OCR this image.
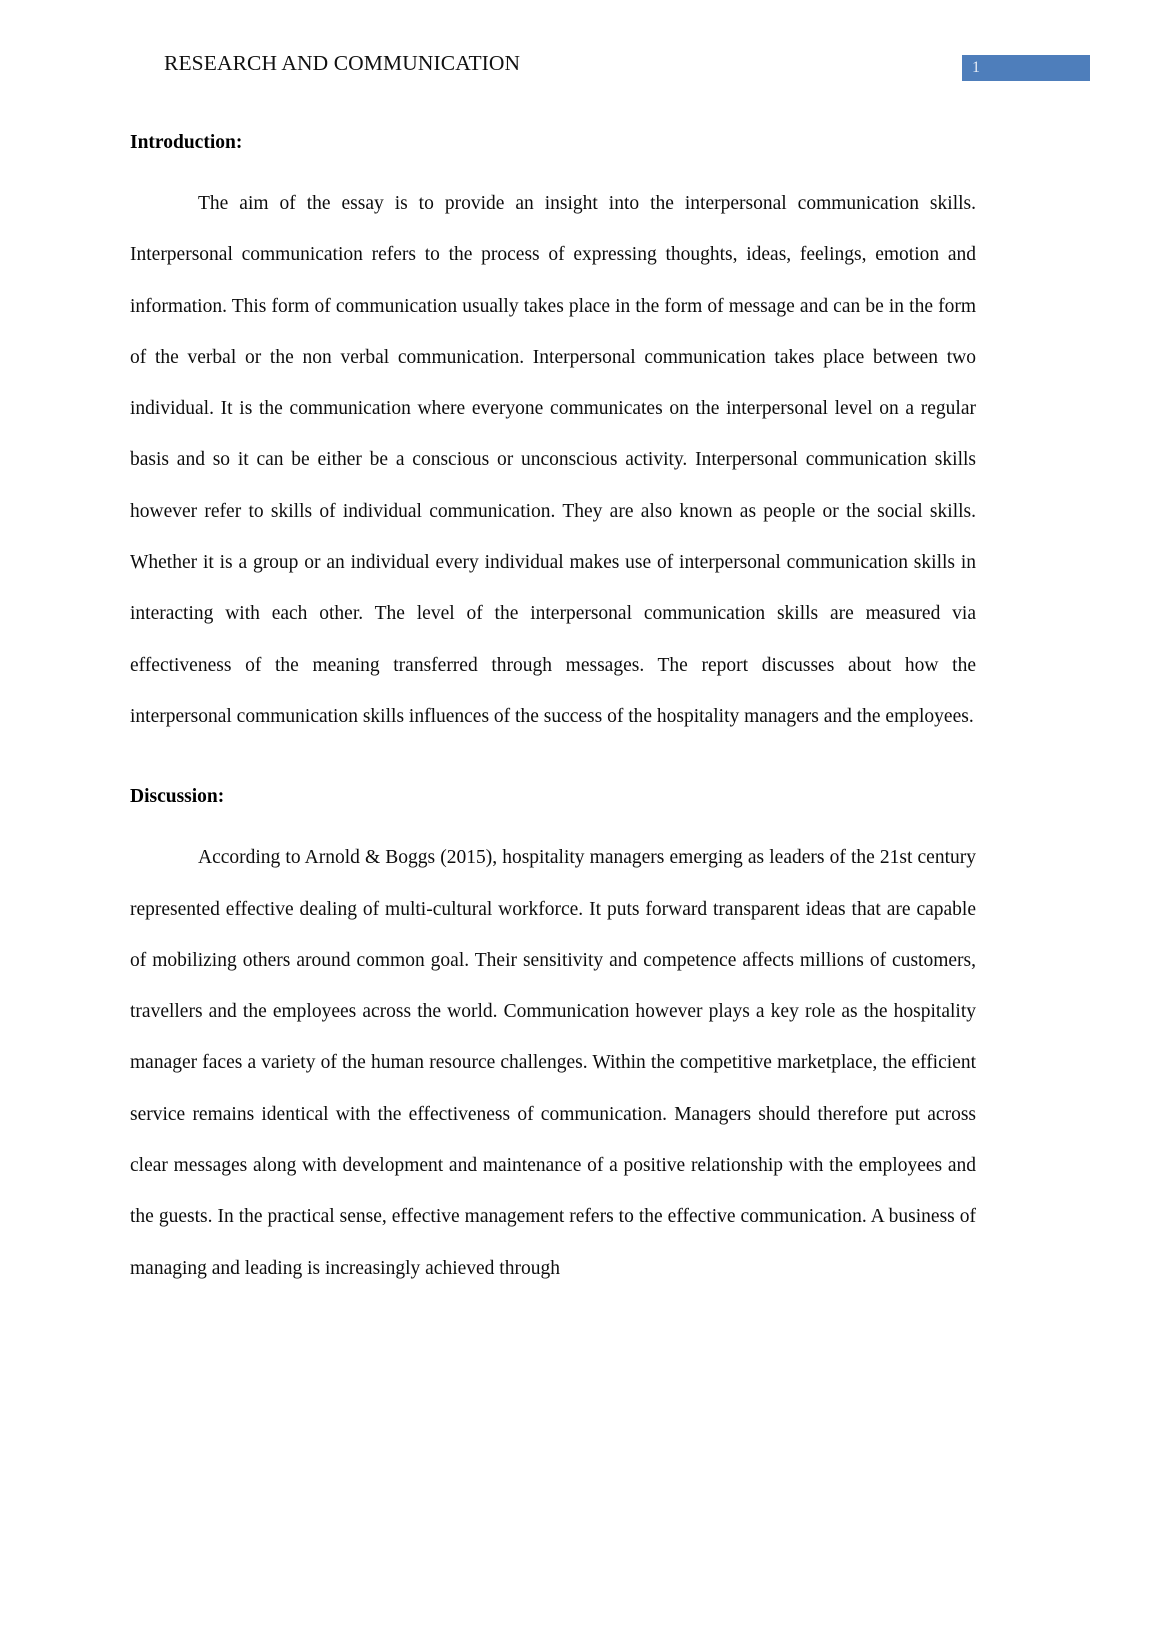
RESEARCH AND COMMUNICATION	1
Introduction:

The aim of the essay is to provide an insight into the interpersonal communication skills. Interpersonal communication refers to the process of expressing thoughts, ideas, feelings, emotion and information. This form of communication usually takes place in the form of message and can be in the form of the verbal or the non verbal communication. Interpersonal communication takes place between two individual. It is the communication where everyone communicates on the interpersonal level on a regular basis and so it can be either be a conscious or unconscious activity. Interpersonal communication skills however refer to skills of individual communication. They are also known as people or the social skills. Whether it is a group or an individual every individual makes use of interpersonal communication skills in interacting with each other. The level of the interpersonal communication skills are measured via effectiveness of the meaning transferred through messages. The report discusses about how the interpersonal communication skills influences of the success of the hospitality managers and the employees.

Discussion:

According to Arnold & Boggs (2015), hospitality managers emerging as leaders of the 21st century represented effective dealing of multi-cultural workforce. It puts forward transparent ideas that are capable of mobilizing others around common goal. Their sensitivity and competence affects millions of customers, travellers and the employees across the world. Communication however plays a key role as the hospitality manager faces a variety of the human resource challenges. Within the competitive marketplace, the efficient service remains identical with the effectiveness of communication. Managers should therefore put across clear messages along with development and maintenance of a positive relationship with the employees and the guests. In the practical sense, effective management refers to the effective communication. A business of managing and leading is increasingly achieved through
